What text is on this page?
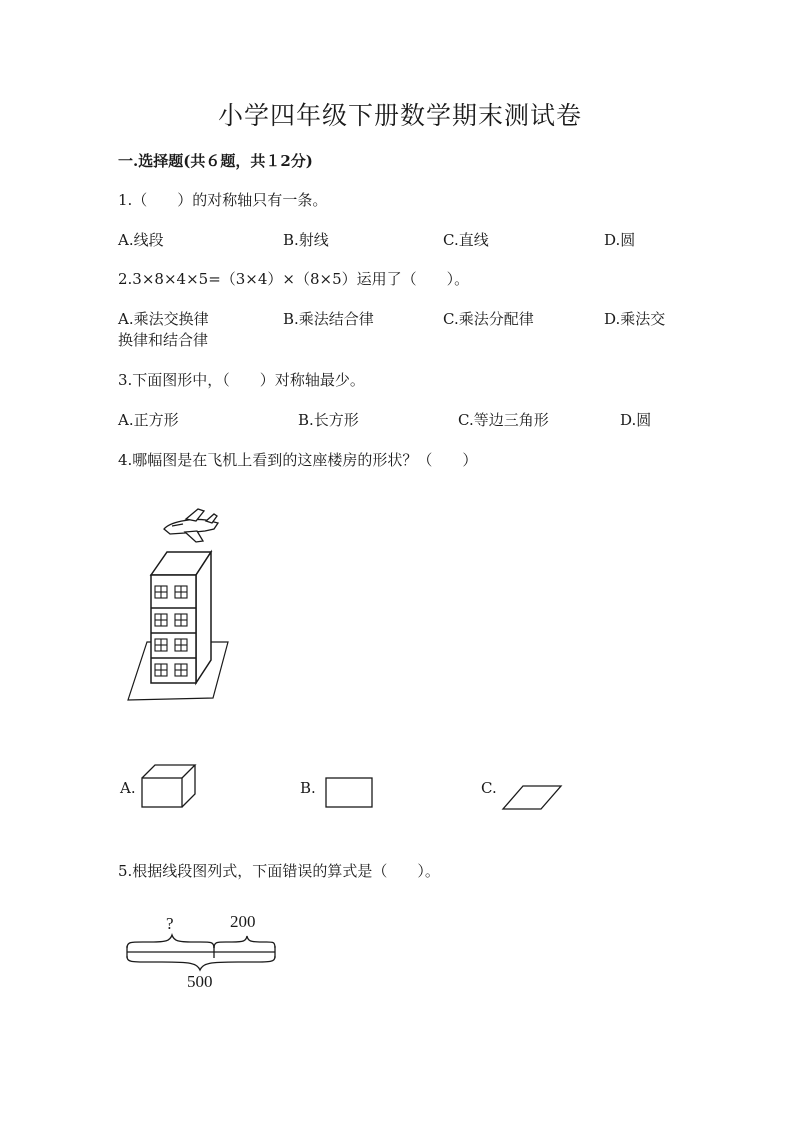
小学四年级下册数学期末测试卷
一.选择题(共６题，共１2分)
1.（　　）的对称轴只有一条。
A.线段	B.射线	C.直线	D.圆
2.3×8×4×5=（3×4）×（8×5）运用了（　　）。
A.乘法交换律	B.乘法结合律	C.乘法分配律	D.乘法交
换律和结合律
3.下面图形中，（　　）对称轴最少。
A.正方形	B.长方形	C.等边三角形	D.圆
4.哪幅图是在飞机上看到的这座楼房的形状？（　　）
A.	B.	C.
5.根据线段图列式，下面错误的算式是（　　）。
?	200
500
